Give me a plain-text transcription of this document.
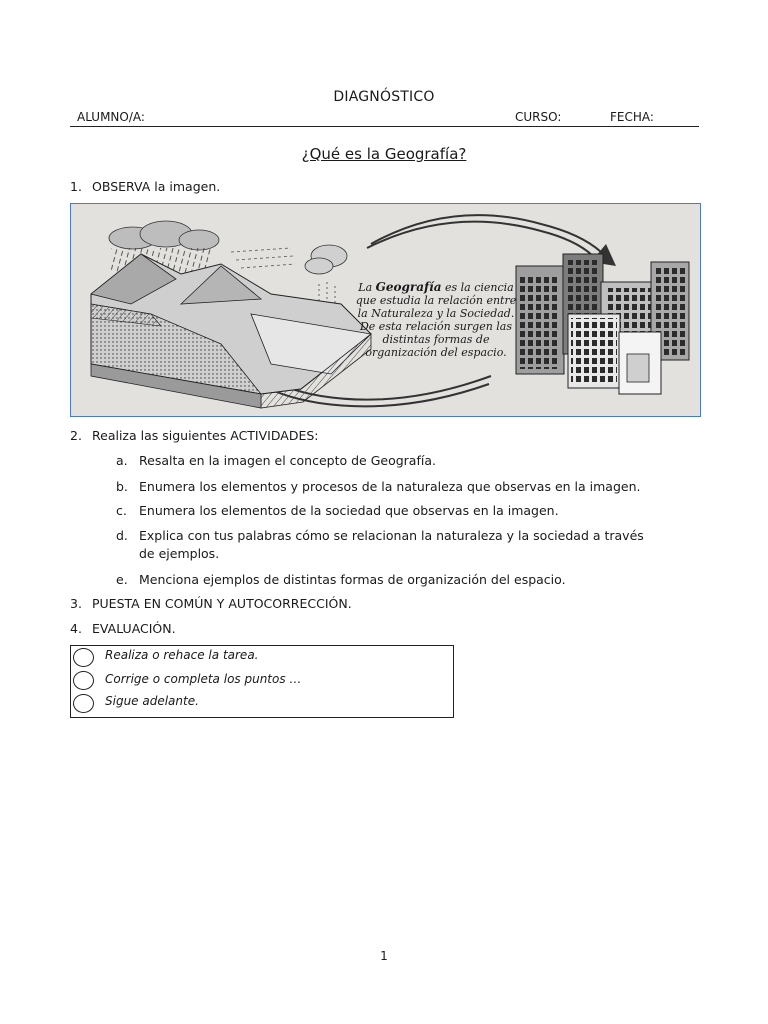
DIAGNÓSTICO
ALUMNO/A:	CURSO:	FECHA:
¿Qué es la Geografía?
1. OBSERVA la imagen.
La Geografía es la ciencia
que estudia la relación entre
la Naturaleza y la Sociedad.
De esta relación surgen las
distintas formas de
organización del espacio.
2. Realiza las siguientes ACTIVIDADES:
a. Resalta en la imagen el concepto de Geografía.
b. Enumera los elementos y procesos de la naturaleza que observas en la imagen.
c. Enumera los elementos de la sociedad que observas en la imagen.
d. Explica con tus palabras cómo se relacionan la naturaleza y la sociedad a través de ejemplos.
e. Menciona ejemplos de distintas formas de organización del espacio.
3. PUESTA EN COMÚN Y AUTOCORRECCIÓN.
4. EVALUACIÓN.
Realiza o rehace la tarea.
Corrige o completa los puntos …
Sigue adelante.
1
